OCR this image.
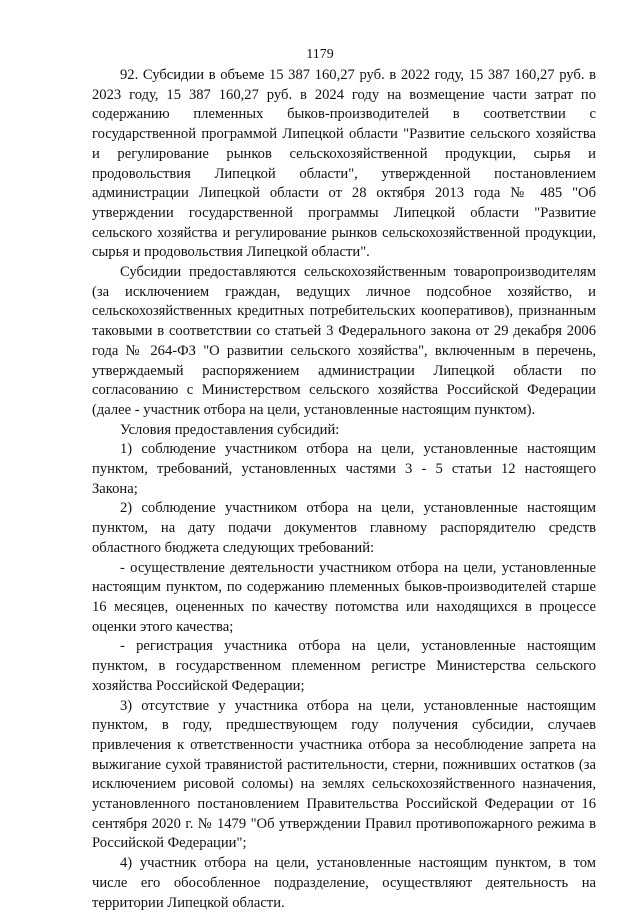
1179

92. Субсидии в объеме 15 387 160,27 руб. в 2022 году, 15 387 160,27 руб. в 2023 году, 15 387 160,27 руб. в 2024 году на возмещение части затрат по содержанию племенных быков-производителей в соответствии с государственной программой Липецкой области "Развитие сельского хозяйства и регулирование рынков сельскохозяйственной продукции, сырья и продовольствия Липецкой области", утвержденной постановлением администрации Липецкой области от 28 октября 2013 года № 485 "Об утверждении государственной программы Липецкой области "Развитие сельского хозяйства и регулирование рынков сельскохозяйственной продукции, сырья и продовольствия Липецкой области".

Субсидии предоставляются сельскохозяйственным товаропроизводителям (за исключением граждан, ведущих личное подсобное хозяйство, и сельскохозяйственных кредитных потребительских кооперативов), признанным таковыми в соответствии со статьей 3 Федерального закона от 29 декабря 2006 года № 264-ФЗ "О развитии сельского хозяйства", включенным в перечень, утверждаемый распоряжением администрации Липецкой области по согласованию с Министерством сельского хозяйства Российской Федерации (далее - участник отбора на цели, установленные настоящим пунктом).

Условия предоставления субсидий:

1) соблюдение участником отбора на цели, установленные настоящим пунктом, требований, установленных частями 3 - 5 статьи 12 настоящего Закона;

2) соблюдение участником отбора на цели, установленные настоящим пунктом, на дату подачи документов главному распорядителю средств областного бюджета следующих требований:

- осуществление деятельности участником отбора на цели, установленные настоящим пунктом, по содержанию племенных быков-производителей старше 16 месяцев, оцененных по качеству потомства или находящихся в процессе оценки этого качества;

- регистрация участника отбора на цели, установленные настоящим пунктом, в государственном племенном регистре Министерства сельского хозяйства Российской Федерации;

3) отсутствие у участника отбора на цели, установленные настоящим пунктом, в году, предшествующем году получения субсидии, случаев привлечения к ответственности участника отбора за несоблюдение запрета на выжигание сухой травянистой растительности, стерни, пожнивших остатков (за исключением рисовой соломы) на землях сельскохозяйственного назначения, установленного постановлением Правительства Российской Федерации от 16 сентября 2020 г. № 1479 "Об утверждении Правил противопожарного режима в Российской Федерации";

4) участник отбора на цели, установленные настоящим пунктом, в том числе его обособленное подразделение, осуществляют деятельность на территории Липецкой области.
